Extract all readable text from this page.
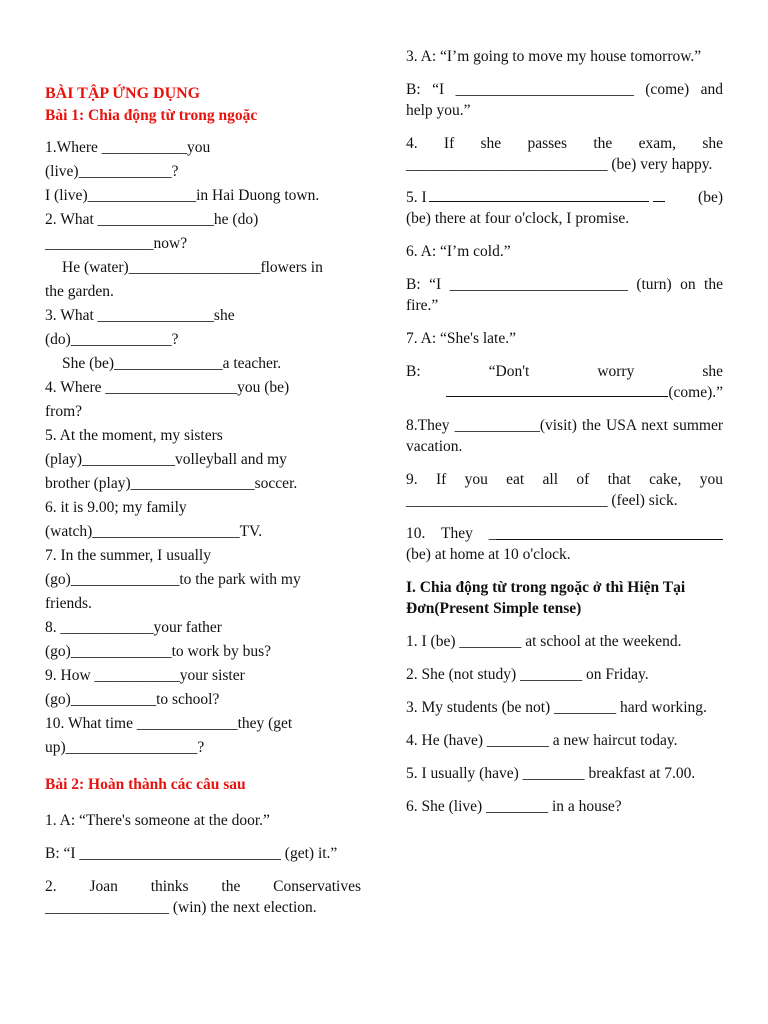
BÀI TẬP ỨNG DỤNG

Bài 1: Chia động từ trong ngoặc

1.Where ___________you

(live)____________?

I (live)______________in Hai Duong town.

2. What _______________he (do)

______________now?

He (water)_________________flowers in

the garden.

3. What _______________she

(do)_____________?

She (be)______________a teacher.

4. Where _________________you (be)

from?

5. At the moment, my sisters

(play)____________volleyball and my

brother (play)________________soccer.

6. it is 9.00; my family

(watch)___________________TV.

7. In the summer, I usually

(go)______________to the park with my

friends.

8. ____________your father

(go)_____________to work by bus?

9. How ___________your sister

(go)___________to school?

10. What time _____________they (get

up)_________________?

Bài 2: Hoàn thành các câu sau

1. A: “There's someone at the door.”

B: “I __________________________ (get) it.”

2. Joan thinks the Conservatives ________________ (win) the next election.

3. A: “I’m going to move my house tomorrow.”

B: “I _______________________ (come) and help you.”

4. If she passes the exam, she __________________________ (be) very happy.

5. I	(be)

(be) there at four o'clock, I promise.

6. A: “I’m cold.”

B: “I _______________________ (turn) on the fire.”

7. A: “She's late.”

B: “Don't worry she

(come).”

8.They ___________(visit) the USA next summer vacation.

9. If you eat all of that cake, you __________________________ (feel) sick.

10. They _

(be) at home at 10 o'clock.

I. Chia động từ trong ngoặc ở thì Hiện Tại Đơn(Present Simple tense)

1. I (be) ________ at school at the weekend.

2. She (not study) ________ on Friday.

3. My students (be not) ________ hard working.

4. He (have) ________ a new haircut today.

5. I usually (have) ________ breakfast at 7.00.

6. She (live) ________ in a house?
